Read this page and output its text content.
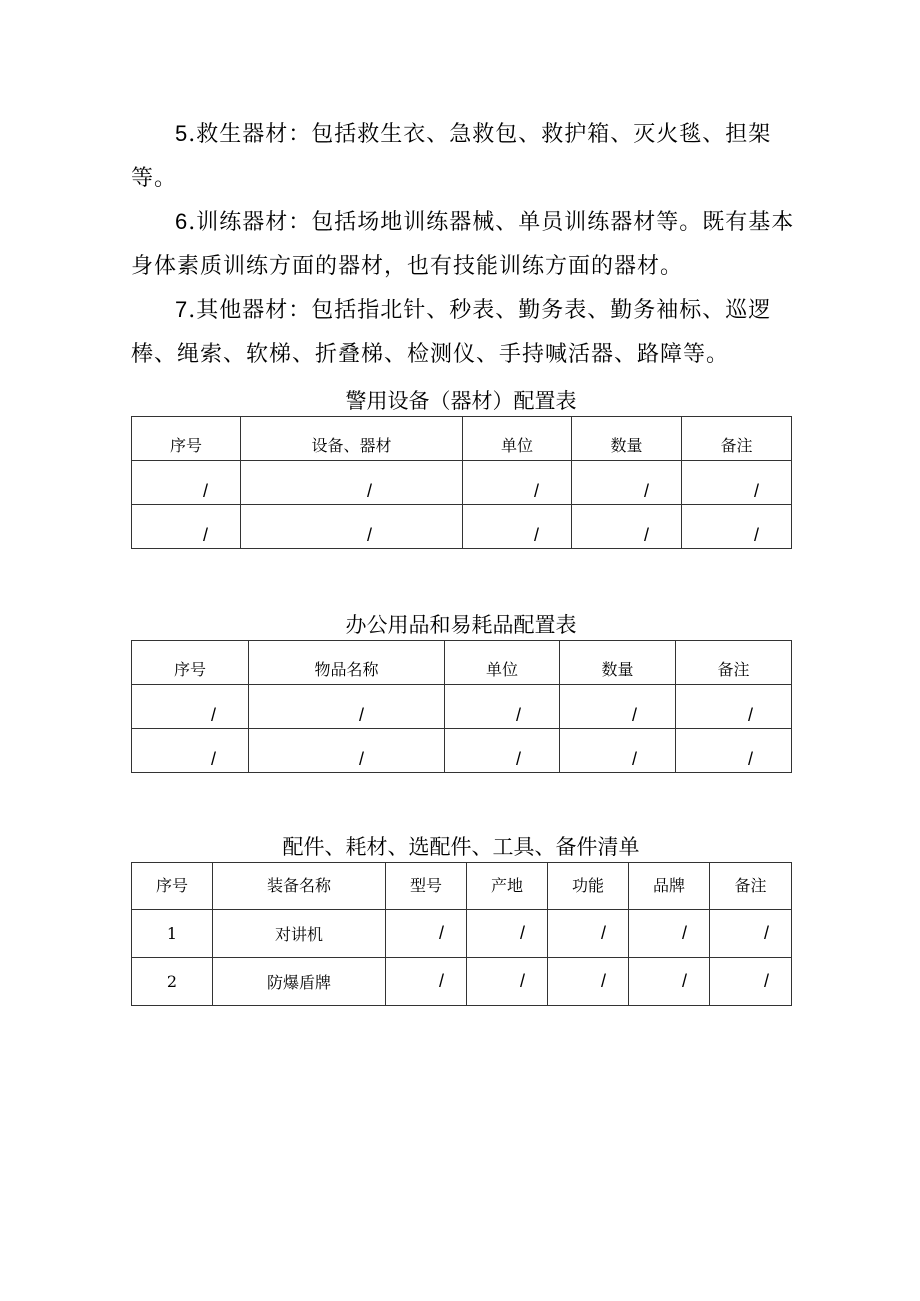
5.救生器材：包括救生衣、急救包、救护箱、灭火毯、担架等。

6.训练器材：包括场地训练器械、单员训练器材等。既有基本身体素质训练方面的器材，也有技能训练方面的器材。

7.其他器材：包括指北针、秒表、勤务表、勤务袖标、巡逻棒、绳索、软梯、折叠梯、检测仪、手持喊活器、路障等。

警用设备（器材）配置表

序号	设备、器材	单位	数量	备注
/	/	/	/	/
/	/	/	/	/

办公用品和易耗品配置表

序号	物品名称	单位	数量	备注
/	/	/	/	/
/	/	/	/	/

配件、耗材、选配件、工具、备件清单

序号	装备名称	型号	产地	功能	品牌	备注
1	对讲机	/	/	/	/	/
2	防爆盾牌	/	/	/	/	/
